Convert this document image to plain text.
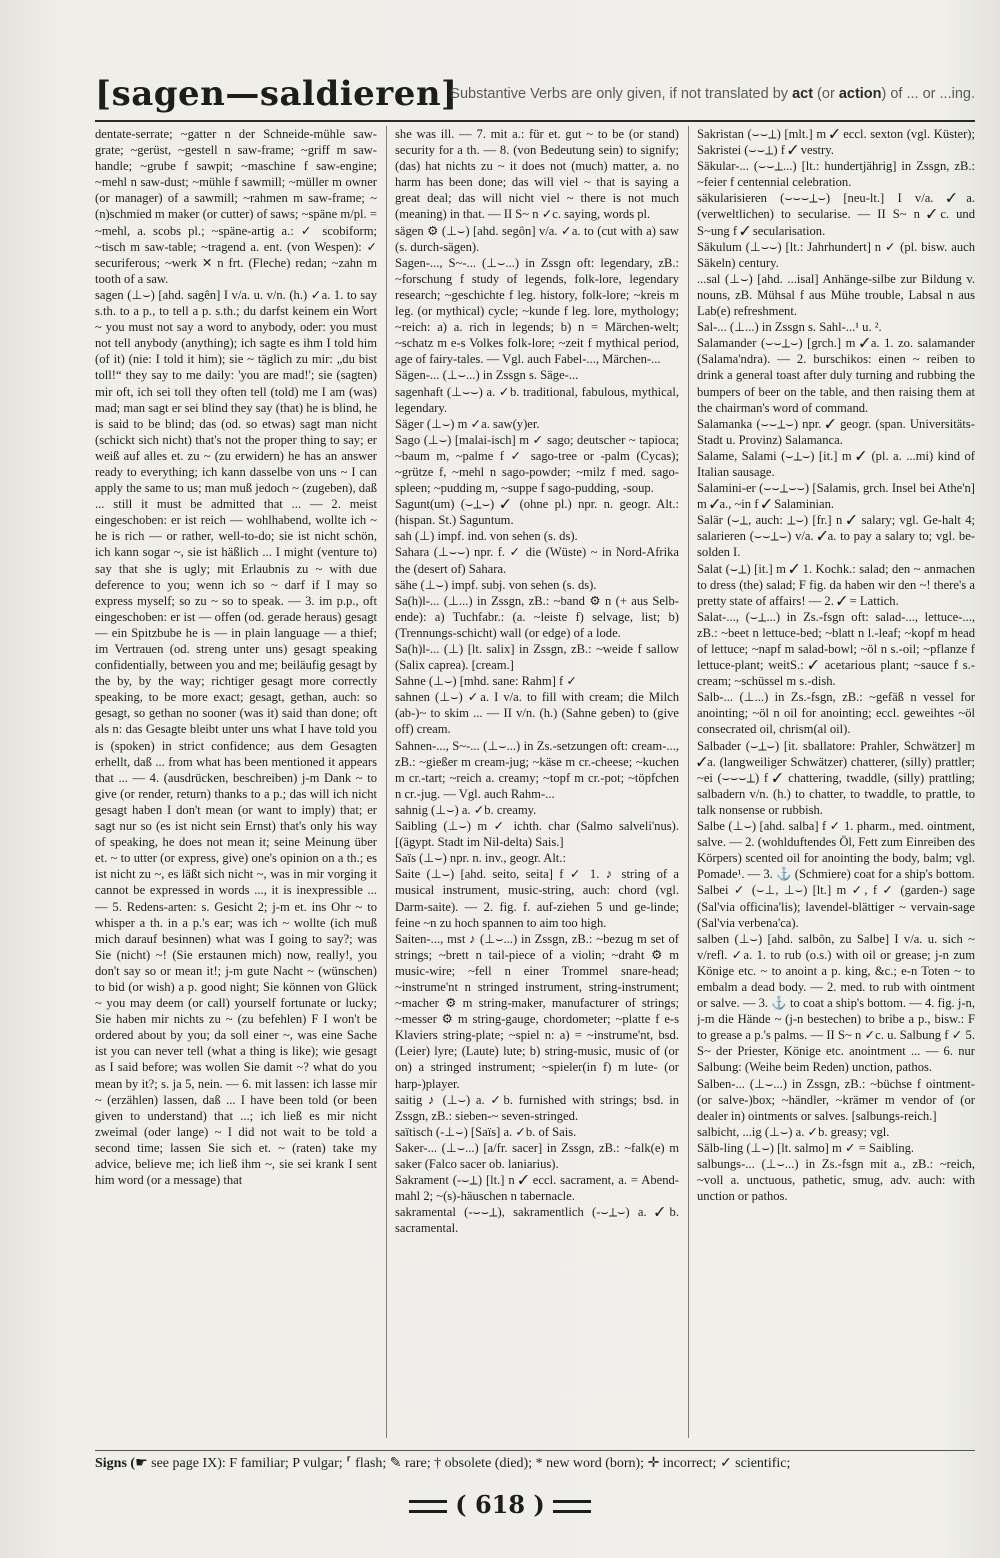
[sagen—saldieren]
Substantive Verbs are only given, if not translated by act (or action) of ... or ...ing.

dentate-serrate; ~gatter n der Schneide-mühle saw-grate; ~gerüst, ~gestell n saw-frame; ~griff m saw-handle; ~grube f sawpit; ~maschine f saw-engine; ~mehl n saw-dust; ~mühle f sawmill; ~müller m owner (or manager) of a sawmill; ~rahmen m saw-frame; ~(n)schmied m maker (or cutter) of saws; ~späne m/pl. = ~mehl, a. scobs pl.; ~späne-artig a.: ✓ scobiform; ~tisch m saw-table; ~tragend a. ent. (von Wespen): ✓ securiferous; ~werk ✕ n frt. (Fleche) redan; ~zahn m tooth of a saw.

sagen (⊥⌣) [ahd. sagên] I v/a. u. v/n. (h.) ✓a. 1. to say s.th. to a p., to tell a p. s.th.; du darfst keinem ein Wort ~ you must not say a word to anybody, oder: you must not tell anybody (anything); ich sagte es ihm I told him (of it) (nie: I told it him); sie ~ täglich zu mir: „du bist toll!“ they say to me daily: 'you are mad!'; sie (sagten) mir oft, ich sei toll they often tell (told) me I am (was) mad; man sagt er sei blind they say (that) he is blind, he is said to be blind; das (od. so etwas) sagt man nicht (schickt sich nicht) that's not the proper thing to say; er weiß auf alles et. zu ~ (zu erwidern) he has an answer ready to everything; ich kann dasselbe von uns ~ I can apply the same to us; man muß jedoch ~ (zugeben), daß ... still it must be admitted that ... — 2. meist eingeschoben: er ist reich — wohlhabend, wollte ich ~ he is rich — or rather, well-to-do; sie ist nicht schön, ich kann sogar ~, sie ist häßlich ... I might (venture to) say that she is ugly; mit Erlaubnis zu ~ with due deference to you; wenn ich so ~ darf if I may so express myself; so zu ~ so to speak. — 3. im p.p., oft eingeschoben: er ist — offen (od. gerade heraus) gesagt — ein Spitzbube he is — in plain language — a thief; im Vertrauen (od. streng unter uns) gesagt speaking confidentially, between you and me; beiläufig gesagt by the by, by the way; richtiger gesagt more correctly speaking, to be more exact; gesagt, gethan, auch: so gesagt, so gethan no sooner (was it) said than done; oft als n: das Gesagte bleibt unter uns what I have told you is (spoken) in strict confidence; aus dem Gesagten erhellt, daß ... from what has been mentioned it appears that ... — 4. (ausdrücken, beschreiben) j-m Dank ~ to give (or render, return) thanks to a p.; das will ich nicht gesagt haben I don't mean (or want to imply) that; er sagt nur so (es ist nicht sein Ernst) that's only his way of speaking, he does not mean it; seine Meinung über et. ~ to utter (or express, give) one's opinion on a th.; es ist nicht zu ~, es läßt sich nicht ~, was in mir vorging it cannot be expressed in words ..., it is inexpressible ... — 5. Redens-arten: s. Gesicht 2; j-m et. ins Ohr ~ to whisper a th. in a p.'s ear; was ich ~ wollte (ich muß mich darauf besinnen) what was I going to say?; was Sie (nicht) ~! (Sie erstaunen mich) now, really!, you don't say so or mean it!; j-m gute Nacht ~ (wünschen) to bid (or wish) a p. good night; Sie können von Glück ~ you may deem (or call) yourself fortunate or lucky; Sie haben mir nichts zu ~ (zu befehlen) F I won't be ordered about by you; da soll einer ~, was eine Sache ist you can never tell (what a thing is like); wie gesagt as I said before; was wollen Sie damit ~? what do you mean by it?; s. ja 5, nein. — 6. mit lassen: ich lasse mir ~ (erzählen) lassen, daß ... I have been told (or been given to understand) that ...; ich ließ es mir nicht zweimal (oder lange) ~ I did not wait to be told a second time; lassen Sie sich et. ~ (raten) take my advice, believe me; ich ließ ihm ~, sie sei krank I sent him word (or a message) that

she was ill. — 7. mit a.: für et. gut ~ to be (or stand) security for a th. — 8. (von Bedeutung sein) to signify; (das) hat nichts zu ~ it does not (much) matter, a. no harm has been done; das will viel ~ that is saying a great deal; das will nicht viel ~ there is not much (meaning) in that. — II S~ n ✓c. saying, words pl.

sägen ⚙ (⊥⌣) [ahd. segôn] v/a. ✓a. to (cut with a) saw (s. durch-sägen).

Sagen-..., S~-... (⊥⌣...) in Zssgn oft: legendary, zB.: ~forschung f study of legends, folk-lore, legendary research; ~geschichte f leg. history, folk-lore; ~kreis m leg. (or mythical) cycle; ~kunde f leg. lore, mythology; ~reich: a) a. rich in legends; b) n = Märchen-welt; ~schatz m e-s Volkes folk-lore; ~zeit f mythical period, age of fairy-tales. — Vgl. auch Fabel-..., Märchen-...

Sägen-... (⊥⌣...) in Zssgn s. Säge-...

sagenhaft (⊥⌣⌣) a. ✓b. traditional, fabulous, mythical, legendary.

Säger (⊥⌣) m ✓a. saw(y)er.

Sago (⊥⌣) [malai-isch] m ✓ sago; deutscher ~ tapioca; ~baum m, ~palme f ✓ sago-tree or -palm (Cycas); ~grütze f, ~mehl n sago-powder; ~milz f med. sago-spleen; ~pudding m, ~suppe f sago-pudding, -soup.

Sagunt(um) (⌣⊥⌣) ✓ (ohne pl.) npr. n. geogr. Alt.: (hispan. St.) Saguntum.

sah (⊥) impf. ind. von sehen (s. ds).

Sahara (⊥⌣⌣) npr. f. ✓ die (Wüste) ~ in Nord-Afrika the (desert of) Sahara.

sähe (⊥⌣) impf. subj. von sehen (s. ds).

Sa(h)l-... (⊥...) in Zssgn, zB.: ~band ⚙ n (+ aus Selb-ende): a) Tuchfabr.: (a. ~leiste f) selvage, list; b) (Trennungs-schicht) wall (or edge) of a lode.

Sa(h)l-... (⊥) [lt. salix] in Zssgn, zB.: ~weide f sallow (Salix caprea). [cream.]

Sahne (⊥⌣) [mhd. sane: Rahm] f ✓

sahnen (⊥⌣) ✓a. I v/a. to fill with cream; die Milch (ab-)~ to skim ... — II v/n. (h.) (Sahne geben) to (give off) cream.

Sahnen-..., S~-... (⊥⌣...) in Zs.-setzungen oft: cream-..., zB.: ~gießer m cream-jug; ~käse m cr.-cheese; ~kuchen m cr.-tart; ~reich a. creamy; ~topf m cr.-pot; ~töpfchen n cr.-jug. — Vgl. auch Rahm-...

sahnig (⊥⌣) a. ✓b. creamy.

Saibling (⊥⌣) m ✓ ichth. char (Salmo salveli'nus). [(ägypt. Stadt im Nil-delta) Sais.]

Saïs (⊥⌣) npr. n. inv., geogr. Alt.:

Saite (⊥⌣) [ahd. seito, seita] f ✓ 1. ♪ string of a musical instrument, music-string, auch: chord (vgl. Darm-saite). — 2. fig. f. auf-ziehen 5 und ge-linde; feine ~n zu hoch spannen to aim too high.

Saiten-..., mst ♪ (⊥⌣...) in Zssgn, zB.: ~bezug m set of strings; ~brett n tail-piece of a violin; ~draht ⚙ m music-wire; ~fell n einer Trommel snare-head; ~instrume'nt n stringed instrument, string-instrument; ~macher ⚙ m string-maker, manufacturer of strings; ~messer ⚙ m string-gauge, chordometer; ~platte f e-s Klaviers string-plate; ~spiel n: a) = ~instrume'nt, bsd. (Leier) lyre; (Laute) lute; b) string-music, music of (or on) a stringed instrument; ~spieler(in f) m lute- (or harp-)player.

saitig ♪ (⊥⌣) a. ✓b. furnished with strings; bsd. in Zssgn, zB.: sieben-~ seven-stringed.

saïtisch (-⊥⌣) [Saïs] a. ✓b. of Sais.

Saker-... (⊥⌣...) [a/fr. sacer] in Zssgn, zB.: ~falk(e) m saker (Falco sacer ob. laniarius).

Sakrament (-⌣⊥) [lt.] n ✓ eccl. sacrament, a. = Abend-mahl 2; ~(s)-häuschen n tabernacle.

sakramental (-⌣⌣⊥), sakramentlich (-⌣⊥⌣) a. ✓b. sacramental.

Sakristan (⌣⌣⊥) [mlt.] m ✓ eccl. sexton (vgl. Küster); Sakristei (⌣⌣⊥) f ✓ vestry.

Säkular-... (⌣⌣⊥...) [lt.: hundertjährig] in Zssgn, zB.: ~feier f centennial celebration.

säkularisieren (⌣⌣⌣⊥⌣) [neu-lt.] I v/a. ✓a. (verweltlichen) to secularise. — II S~ n ✓c. und S~ung f ✓ secularisation.

Säkulum (⊥⌣⌣) [lt.: Jahrhundert] n ✓ (pl. bisw. auch Säkeln) century.

...sal (⊥⌣) [ahd. ...isal] Anhänge-silbe zur Bildung v. nouns, zB. Mühsal f aus Mühe trouble, Labsal n aus Lab(e) refreshment.

Sal-... (⊥...) in Zssgn s. Sahl-...¹ u. ².

Salamander (⌣⌣⊥⌣) [grch.] m ✓a. 1. zo. salamander (Salama'ndra). — 2. burschikos: einen ~ reiben to drink a general toast after duly turning and rubbing the bumpers of beer on the table, and then raising them at the chairman's word of command.

Salamanka (⌣⌣⊥⌣) npr. ✓ geogr. (span. Universitäts-Stadt u. Provinz) Salamanca.

Salame, Salami (⌣⊥⌣) [it.] m ✓ (pl. a. ...mi) kind of Italian sausage.

Salamini-er (⌣⌣⊥⌣⌣) [Salamis, grch. Insel bei Athe'n] m ✓a., ~in f ✓ Salaminian.

Salär (⌣⊥, auch: ⊥⌣) [fr.] n ✓ salary; vgl. Ge-halt 4; salarieren (⌣⌣⊥⌣) v/a. ✓a. to pay a salary to; vgl. be-solden I.

Salat (⌣⊥) [it.] m ✓ 1. Kochk.: salad; den ~ anmachen to dress (the) salad; F fig. da haben wir den ~! there's a pretty state of affairs! — 2. ✓ = Lattich.

Salat-..., (⌣⊥...) in Zs.-fsgn oft: salad-..., lettuce-..., zB.: ~beet n lettuce-bed; ~blatt n l.-leaf; ~kopf m head of lettuce; ~napf m salad-bowl; ~öl n s.-oil; ~pflanze f lettuce-plant; weitS.: ✓ acetarious plant; ~sauce f s.-cream; ~schüssel m s.-dish.

Salb-... (⊥...) in Zs.-fsgn, zB.: ~gefäß n vessel for anointing; ~öl n oil for anointing; eccl. geweihtes ~öl consecrated oil, chrism(al oil).

Salbader (⌣⊥⌣) [it. sballatore: Prahler, Schwätzer] m ✓a. (langweiliger Schwätzer) chatterer, (silly) prattler; ~ei (⌣⌣⌣⊥) f ✓ chattering, twaddle, (silly) prattling; salbadern v/n. (h.) to chatter, to twaddle, to prattle, to talk nonsense or rubbish.

Salbe (⊥⌣) [ahd. salba] f ✓ 1. pharm., med. ointment, salve. — 2. (wohlduftendes Öl, Fett zum Einreiben des Körpers) scented oil for anointing the body, balm; vgl. Pomade¹. — 3. ⚓ (Schmiere) coat for a ship's bottom.

Salbei ✓ (⌣⊥, ⊥⌣) [lt.] m ✓, f ✓ (garden-) sage (Sal'via officina'lis); lavendel-blättiger ~ vervain-sage (Sal'via verbena'ca).

salben (⊥⌣) [ahd. salbôn, zu Salbe] I v/a. u. sich ~ v/refl. ✓a. 1. to rub (o.s.) with oil or grease; j-n zum Könige etc. ~ to anoint a p. king, &c.; e-n Toten ~ to embalm a dead body. — 2. med. to rub with ointment or salve. — 3. ⚓ to coat a ship's bottom. — 4. fig. j-n, j-m die Hände ~ (j-n bestechen) to bribe a p., bisw.: F to grease a p.'s palms. — II S~ n ✓c. u. Salbung f ✓ 5. S~ der Priester, Könige etc. anointment ... — 6. nur Salbung: (Weihe beim Reden) unction, pathos.

Salben-... (⊥⌣...) in Zssgn, zB.: ~büchse f ointment- (or salve-)box; ~händler, ~krämer m vendor of (or dealer in) ointments or salves. [salbungs-reich.]

salbicht, ...ig (⊥⌣) a. ✓b. greasy; vgl.

Sälb-ling (⊥⌣) [lt. salmo] m ✓ = Saibling.

salbungs-... (⊥⌣...) in Zs.-fsgn mit a., zB.: ~reich, ~voll a. unctuous, pathetic, smug, adv. auch: with unction or pathos.

Signs (☛ see page IX): F familiar; P vulgar; ⸢ flash; ✎ rare; † obsolete (died); * new word (born); ✛ incorrect; ✓ scientific;
( 618 )
